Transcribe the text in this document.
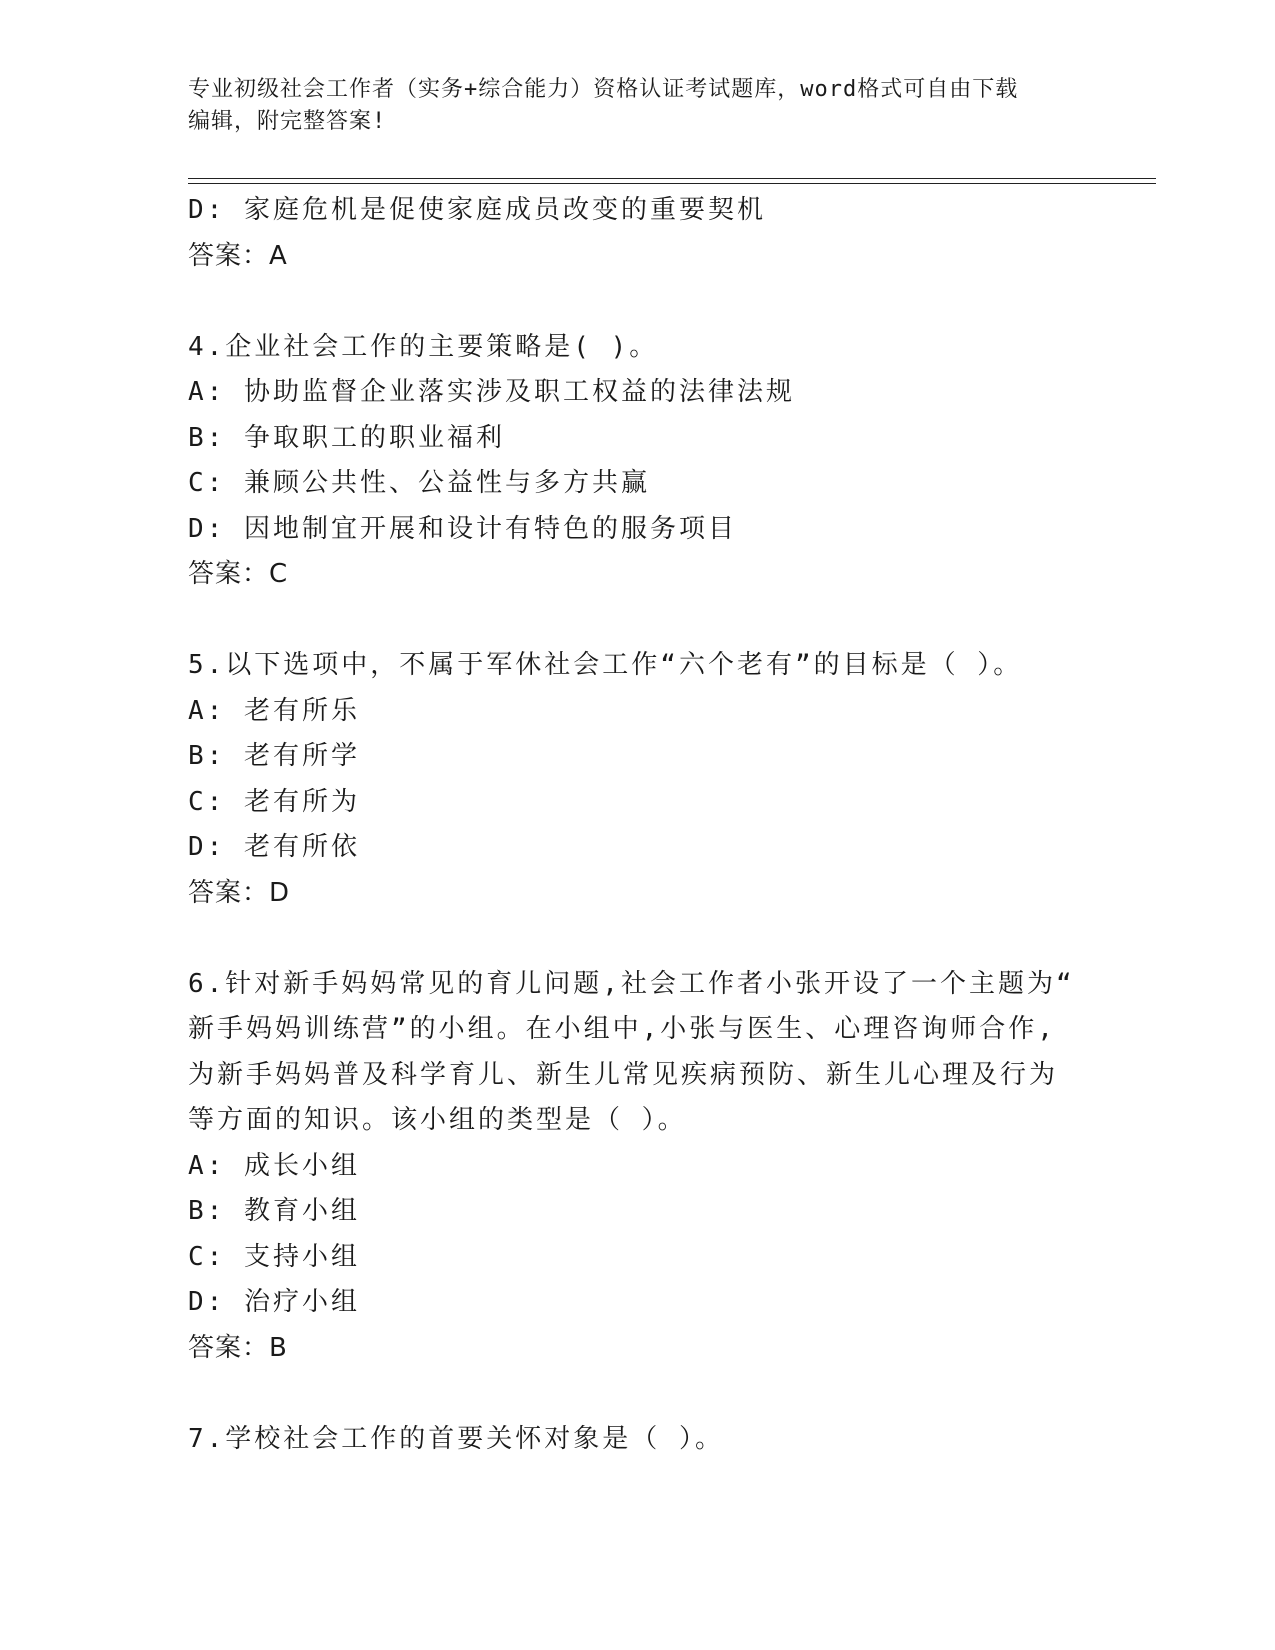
专业初级社会工作者（实务+综合能力）资格认证考试题库，word格式可自由下载
编辑，附完整答案!
D: 家庭危机是促使家庭成员改变的重要契机
答案：A
4.企业社会工作的主要策略是( )。
A: 协助监督企业落实涉及职工权益的法律法规
B: 争取职工的职业福利
C: 兼顾公共性、公益性与多方共赢
D: 因地制宜开展和设计有特色的服务项目
答案：C
5.以下选项中，不属于军休社会工作“六个老有”的目标是（ ）。
A: 老有所乐
B: 老有所学
C: 老有所为
D: 老有所依
答案：D
6.针对新手妈妈常见的育儿问题,社会工作者小张开设了一个主题为“
新手妈妈训练营”的小组。在小组中,小张与医生、心理咨询师合作,
为新手妈妈普及科学育儿、新生儿常见疾病预防、新生儿心理及行为
等方面的知识。该小组的类型是（ ）。
A: 成长小组
B: 教育小组
C: 支持小组
D: 治疗小组
答案：B
7.学校社会工作的首要关怀对象是（ ）。
